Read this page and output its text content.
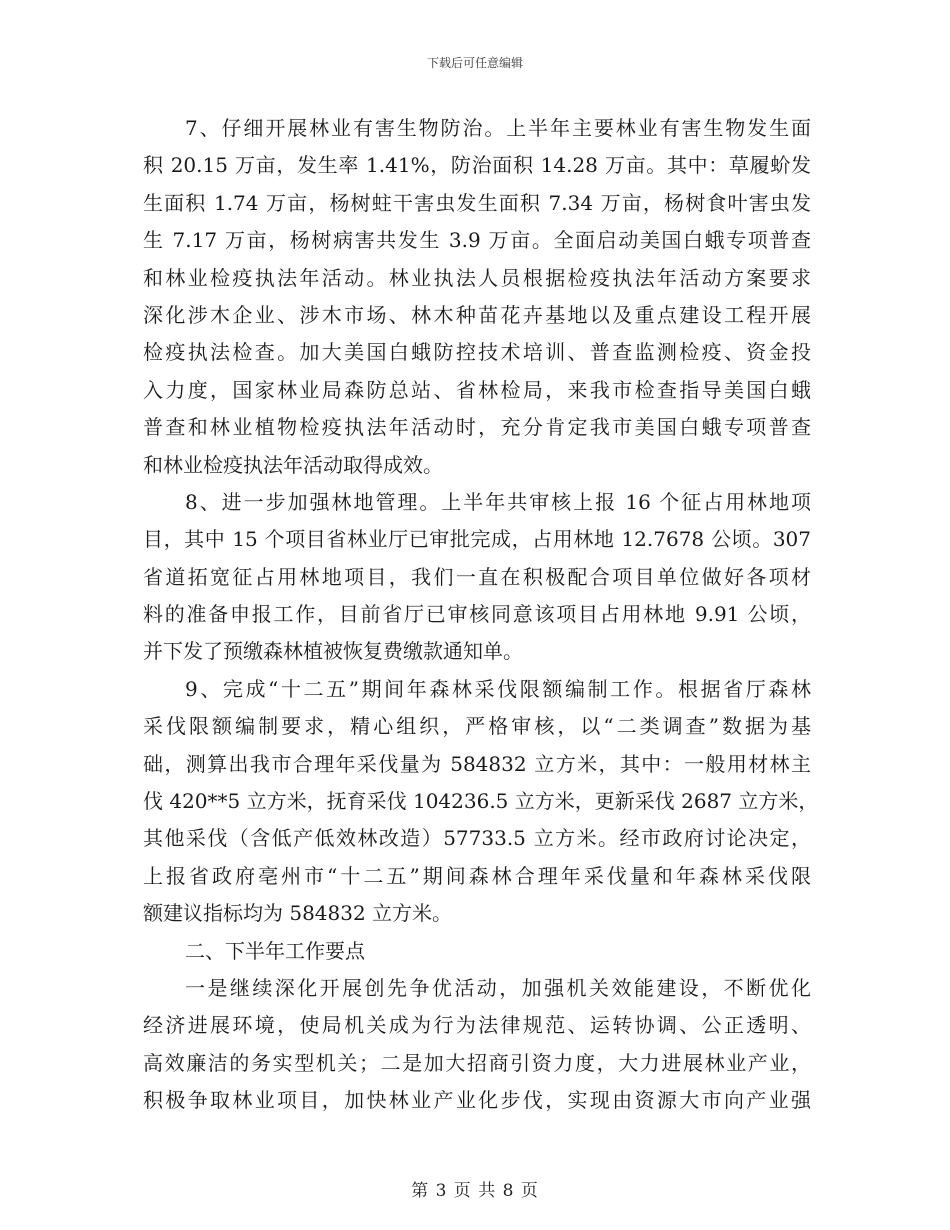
下载后可任意编辑
7、仔细开展林业有害生物防治。上半年主要林业有害生物发生面
积 20.15 万亩，发生率 1.41%，防治面积 14.28 万亩。其中：草履蚧发
生面积 1.74 万亩，杨树蛀干害虫发生面积 7.34 万亩，杨树食叶害虫发
生 7.17 万亩，杨树病害共发生 3.9 万亩。全面启动美国白蛾专项普查
和林业检疫执法年活动。林业执法人员根据检疫执法年活动方案要求
深化涉木企业、涉木市场、林木种苗花卉基地以及重点建设工程开展
检疫执法检查。加大美国白蛾防控技术培训、普查监测检疫、资金投
入力度，国家林业局森防总站、省林检局，来我市检查指导美国白蛾
普查和林业植物检疫执法年活动时，充分肯定我市美国白蛾专项普查
和林业检疫执法年活动取得成效。
8、进一步加强林地管理。上半年共审核上报 16 个征占用林地项
目，其中 15 个项目省林业厅已审批完成，占用林地 12.7678 公顷。307
省道拓宽征占用林地项目，我们一直在积极配合项目单位做好各项材
料的准备申报工作，目前省厅已审核同意该项目占用林地 9.91 公顷，
并下发了预缴森林植被恢复费缴款通知单。
9、完成“十二五”期间年森林采伐限额编制工作。根据省厅森林
采伐限额编制要求，精心组织，严格审核，以“二类调查”数据为基
础，测算出我市合理年采伐量为 584832 立方米，其中：一般用材林主
伐 420**5 立方米，抚育采伐 104236.5 立方米，更新采伐 2687 立方米，
其他采伐（含低产低效林改造）57733.5 立方米。经市政府讨论决定，
上报省政府亳州市“十二五”期间森林合理年采伐量和年森林采伐限
额建议指标均为 584832 立方米。
二、下半年工作要点
一是继续深化开展创先争优活动，加强机关效能建设，不断优化
经济进展环境，使局机关成为行为法律规范、运转协调、公正透明、
高效廉洁的务实型机关；二是加大招商引资力度，大力进展林业产业，
积极争取林业项目，加快林业产业化步伐，实现由资源大市向产业强
第 3 页 共 8 页
